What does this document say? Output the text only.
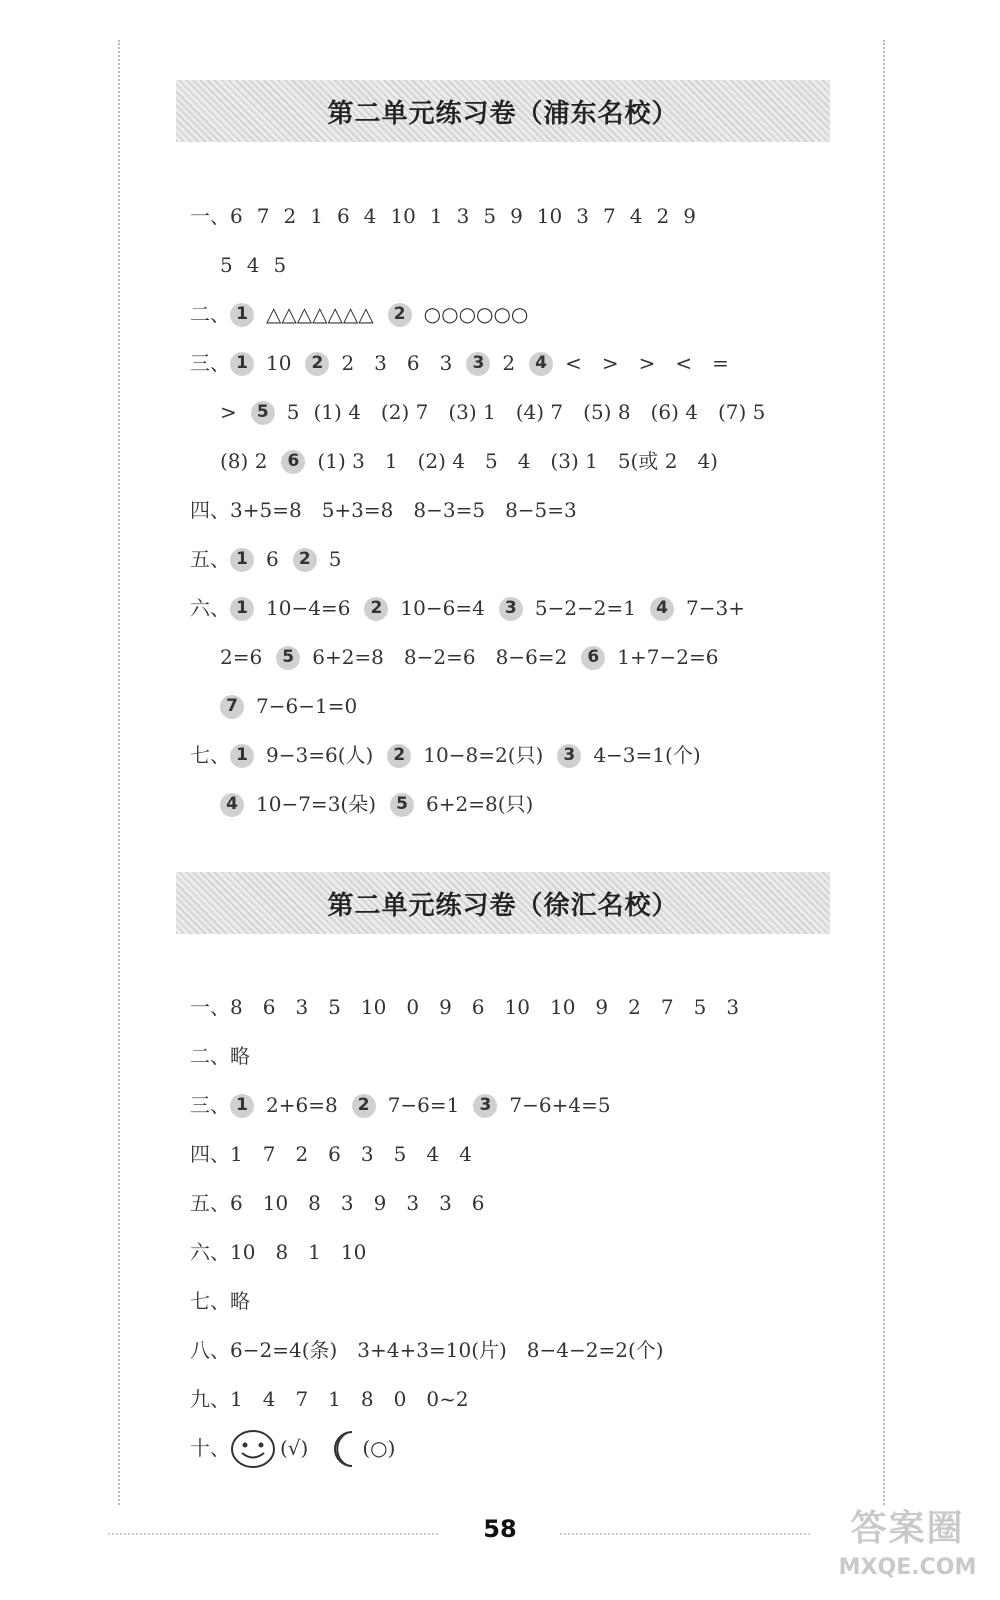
第二单元练习卷（浦东名校）
一、 6 7 2 1 6 4 10 1 3 5 9 10 3 7 4 2 9
5 4 5
二、 1 △△△△△△△	2 ○○○○○○
三、 1 10	2 2　3　6　3	3 2	4 <　>　>　<　=
>	5 5 (1) 4　(2) 7　(3) 1　(4) 7　(5) 8　(6) 4　(7) 5
(8) 2	6 (1) 3　1　(2) 4　5　4　(3) 1　5(或 2　4)
四、 3+5=8　5+3=8　8−3=5　8−5=3
五、 1 6	2 5
六、 1 10−4=6	2 10−6=4	3 5−2−2=1	4 7−3+
2=6	5 6+2=8　8−2=6　8−6=2	6 1+7−2=6
7 7−6−1=0
七、 1 9−3=6(人)	2 10−8=2(只)	3 4−3=1(个)
4 10−7=3(朵)	5 6+2=8(只)
第二单元练习卷（徐汇名校）
一、 8　6　3　5　10　0　9　6　10　10　9　2　7　5　3
二、 略
三、 1 2+6=8	2 7−6=1	3 7−6+4=5
四、 1　7　2　6　3　5　4　4
五、 6　10　8　3　9　3　3　6
六、 10　8　1　10
七、 略
八、 6−2=4(条)　3+4+3=10(片)　8−4−2=2(个)
九、 1　4　7　1　8　0　0~2
十、	(√)	(○)
58	答案圈
MXQE.COM
